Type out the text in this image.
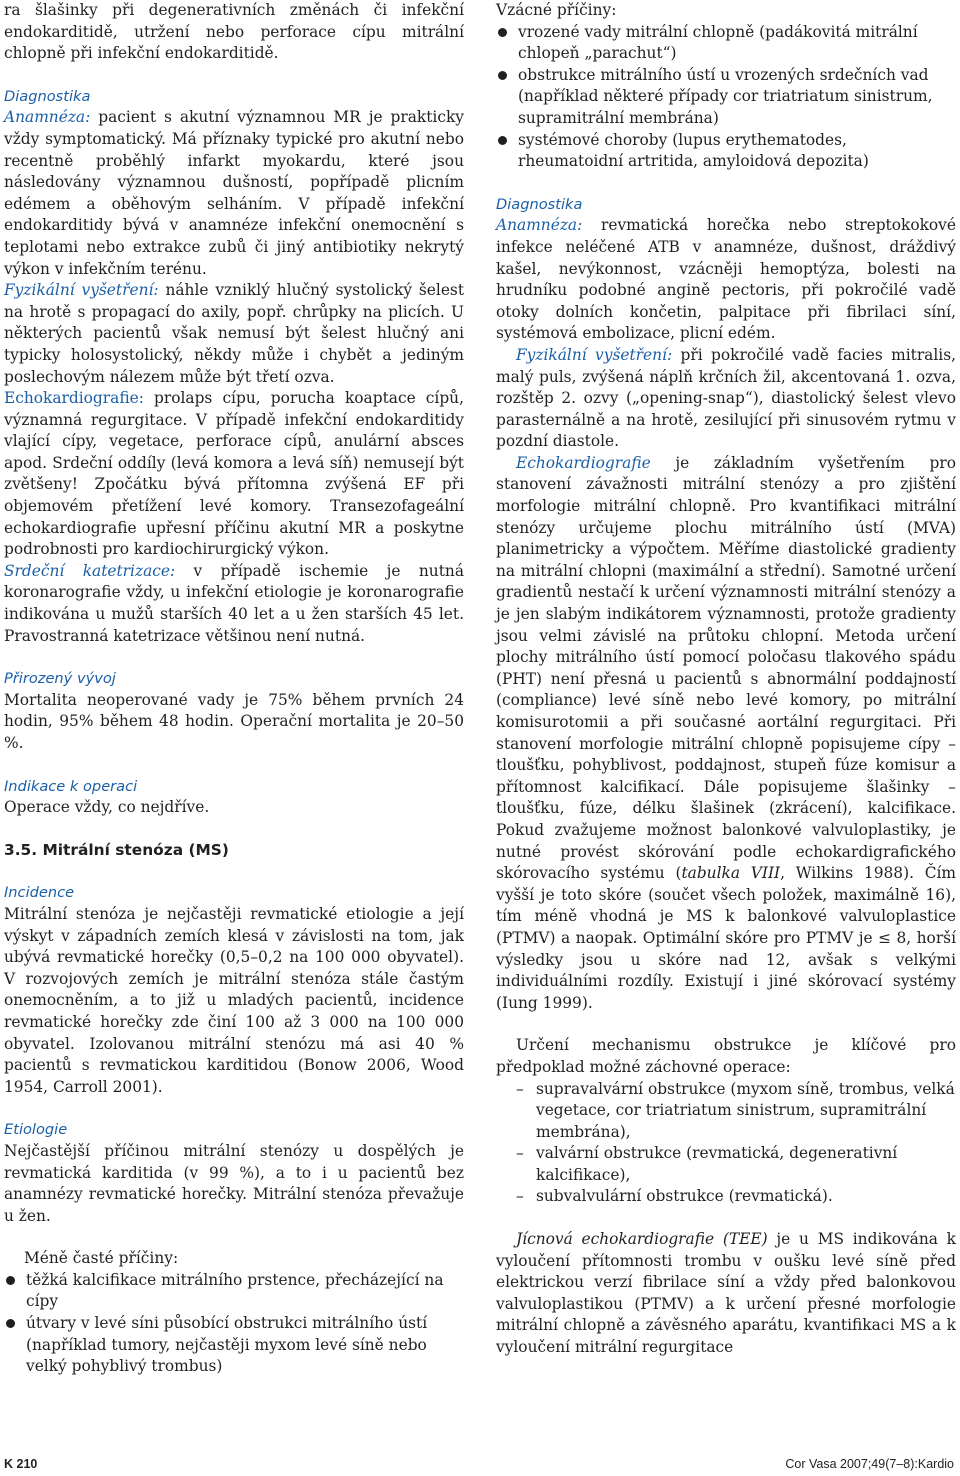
ra šlašinky při degenerativních změnách či infekční endokarditidě, utržení nebo perforace cípu mitrální chlopně při infekční endokarditidě.

Diagnostika

Anamnéza: pacient s akutní významnou MR je prakticky vždy symptomatický. Má příznaky typické pro akutní nebo recentně proběhlý infarkt myokardu, které jsou následovány významnou dušností, popřípadě plicním edémem a oběhovým selháním. V případě infekční endokarditidy bývá v anamnéze infekční onemocnění s teplotami nebo extrakce zubů či jiný antibiotiky nekrytý výkon v infekčním terénu.

Fyzikální vyšetření: náhle vzniklý hlučný systolický šelest na hrotě s propagací do axily, popř. chrůpky na plicích. U některých pacientů však nemusí být šelest hlučný ani typicky holosystolický, někdy může i chybět a jediným poslechovým nálezem může být třetí ozva.

Echokardiografie: prolaps cípu, porucha koaptace cípů, významná regurgitace. V případě infekční endokarditidy vlající cípy, vegetace, perforace cípů, anulární absces apod. Srdeční oddíly (levá komora a levá síň) nemusejí být zvětšeny! Zpočátku bývá přítomna zvýšená EF při objemovém přetížení levé komory. Transezofageální echokardiografie upřesní příčinu akutní MR a poskytne podrobnosti pro kardiochirurgický výkon.

Srdeční katetrizace: v případě ischemie je nutná koronarografie vždy, u infekční etiologie je koronarografie indikována u mužů starších 40 let a u žen starších 45 let. Pravostranná katetrizace většinou není nutná.

Přirozený vývoj

Mortalita neoperované vady je 75% během prvních 24 hodin, 95% během 48 hodin. Operační mortalita je 20–50 %.

Indikace k operaci

Operace vždy, co nejdříve.

3.5. Mitrální stenóza (MS)
Incidence

Mitrální stenóza je nejčastěji revmatické etiologie a její výskyt v západních zemích klesá v závislosti na tom, jak ubývá revmatické horečky (0,5–0,2 na 100 000 obyvatel). V rozvojových zemích je mitrální stenóza stále častým onemocněním, a to již u mladých pacientů, incidence revmatické horečky zde činí 100 až 3 000 na 100 000 obyvatel. Izolovanou mitrální stenózu má asi 40 % pacientů s revmatickou karditidou (Bonow 2006, Wood 1954, Carroll 2001).

Etiologie

Nejčastější příčinou mitrální stenózy u dospělých je revmatická karditida (v 99 %), a to i u pacientů bez anamnézy revmatické horečky. Mitrální stenóza převažuje u žen.

Méně časté příčiny:
těžká kalcifikace mitrálního prstence, přecházející na cípy
útvary v levé síni působící obstrukci mitrálního ústí (například tumory, nejčastěji myxom levé síně nebo velký pohyblivý trombus)
Vzácné příčiny:
vrozené vady mitrální chlopně (padákovitá mitrální chlopeň „parachut“)
obstrukce mitrálního ústí u vrozených srdečních vad (například některé případy cor triatriatum sinistrum, supramitrální membrána)
systémové choroby (lupus erythematodes, rheumatoidní artritida, amyloidová depozita)
Diagnostika

Anamnéza: revmatická horečka nebo streptokokové infekce neléčené ATB v anamnéze, dušnost, dráždivý kašel, nevýkonnost, vzácněji hemoptýza, bolesti na hrudníku podobné angině pectoris, při pokročilé vadě otoky dolních končetin, palpitace při fibrilaci síní, systémová embolizace, plicní edém.

Fyzikální vyšetření: při pokročilé vadě facies mitralis, malý puls, zvýšená náplň krčních žil, akcentovaná 1. ozva, rozštěp 2. ozvy („opening-snap“), diastolický šelest vlevo parasternálně a na hrotě, zesilující při sinusovém rytmu v pozdní diastole.

Echokardiografie je základním vyšetřením pro stanovení závažnosti mitrální stenózy a pro zjištění morfologie mitrální chlopně. Pro kvantifikaci mitrální stenózy určujeme plochu mitrálního ústí (MVA) planimetricky a výpočtem. Měříme diastolické gradienty na mitrální chlopni (maximální a střední). Samotné určení gradientů nestačí k určení významnosti mitrální stenózy a je jen slabým indikátorem významnosti, protože gradienty jsou velmi závislé na průtoku chlopní. Metoda určení plochy mitrálního ústí pomocí poločasu tlakového spádu (PHT) není přesná u pacientů s abnormální poddajností (compliance) levé síně nebo levé komory, po mitrální komisurotomii a při současné aortální regurgitaci. Při stanovení morfologie mitrální chlopně popisujeme cípy – tloušťku, pohyblivost, poddajnost, stupeň fúze komisur a přítomnost kalcifikací. Dále popisujeme šlašinky – tloušťku, fúze, délku šlašinek (zkrácení), kalcifikace. Pokud zvažujeme možnost balonkové valvuloplastiky, je nutné provést skórování podle echokardigrafického skórovacího systému (tabulka VIII, Wilkins 1988). Čím vyšší je toto skóre (součet všech položek, maximálně 16), tím méně vhodná je MS k balonkové valvuloplastice (PTMV) a naopak. Optimální skóre pro PTMV je ≤ 8, horší výsledky jsou u skóre nad 12, avšak s velkými individuálními rozdíly. Existují i jiné skórovací systémy (Iung 1999).

Určení mechanismu obstrukce je klíčové pro předpoklad možné záchovné operace:

– supravalvární obstrukce (myxom síně, trombus, velká vegetace, cor triatriatum sinistrum, supramitrální membrána),
– valvární obstrukce (revmatická, degenerativní kalcifikace),
– subvalvulární obstrukce (revmatická).

Jícnová echokardiografie (TEE) je u MS indikována k vyloučení přítomnosti trombu v oušku levé síně před elektrickou verzí fibrilace síní a vždy před balonkovou valvuloplastikou (PTMV) a k určení přesné morfologie mitrální chlopně a závěsného aparátu, kvantifikaci MS a k vyloučení mitrální regurgitace

K 210	Cor Vasa 2007;49(7–8):Kardio
